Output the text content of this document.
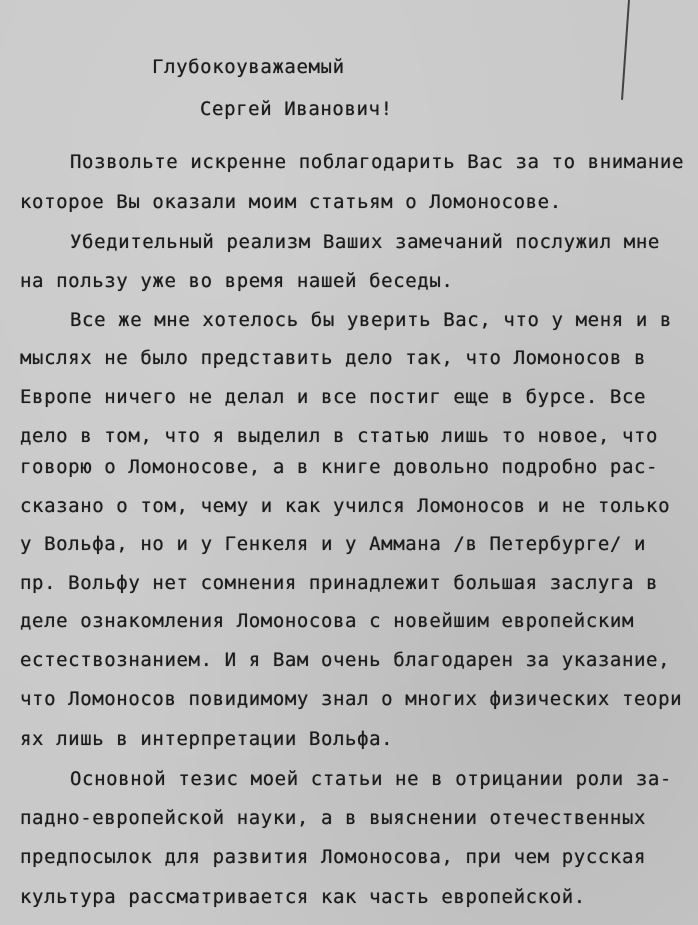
Глубокоуважаемый
Сергей Иванович!
Позвольте искренне поблагодарить Вас за то внимание
которое Вы оказали моим статьям о Ломоносове.
Убедительный реализм Ваших замечаний послужил мне
на пользу уже во время нашей беседы.
Все же мне хотелось бы уверить Вас, что у меня и в
мыслях не было представить дело так, что Ломоносов в
Европе ничего не делал и все постиг еще в бурсе. Все
дело в том, что я выделил в статью лишь то новое, что
говорю о Ломоносове, а в книге довольно подробно рас-
сказано о том, чему и как учился Ломоносов и не только
у Вольфа, но и у Генкеля и у Аммана /в Петербурге/ и
пр. Вольфу нет сомнения принадлежит большая заслуга в
деле ознакомления Ломоносова с новейшим европейским
естествознанием. И я Вам очень благодарен за указание,
что Ломоносов повидимому знал о многих физических теори
ях лишь в интерпретации Вольфа.
Основной тезис моей статьи не в отрицании роли за-
падно-европейской науки, а в выяснении отечественных
предпосылок для развития Ломоносова, при чем русская
культура рассматривается как часть европейской.
